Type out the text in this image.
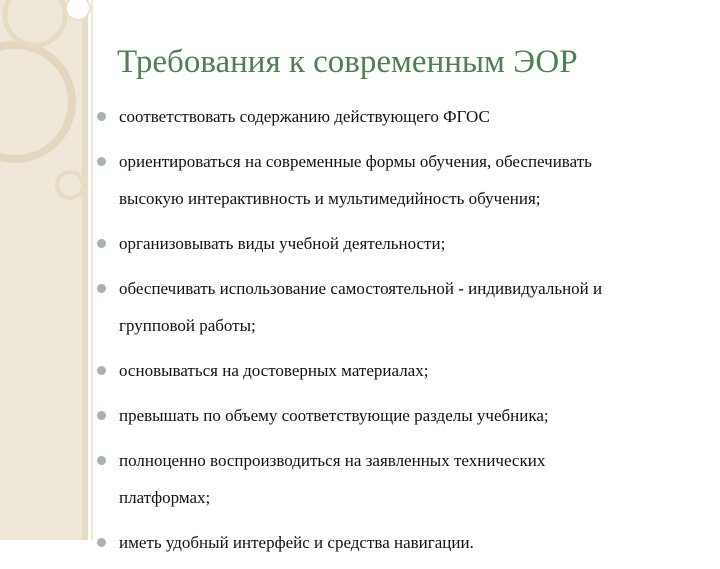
Требования к современным ЭОР
соответствовать содержанию действующего ФГОС
ориентироваться на современные формы обучения, обеспечивать
высокую интерактивность и мультимедийность обучения;
организовывать виды учебной деятельности;
обеспечивать использование самостоятельной - индивидуальной и
групповой работы;
основываться на достоверных материалах;
превышать по объему соответствующие разделы учебника;
полноценно воспроизводиться на заявленных технических
платформах;
иметь удобный интерфейс и средства навигации.
